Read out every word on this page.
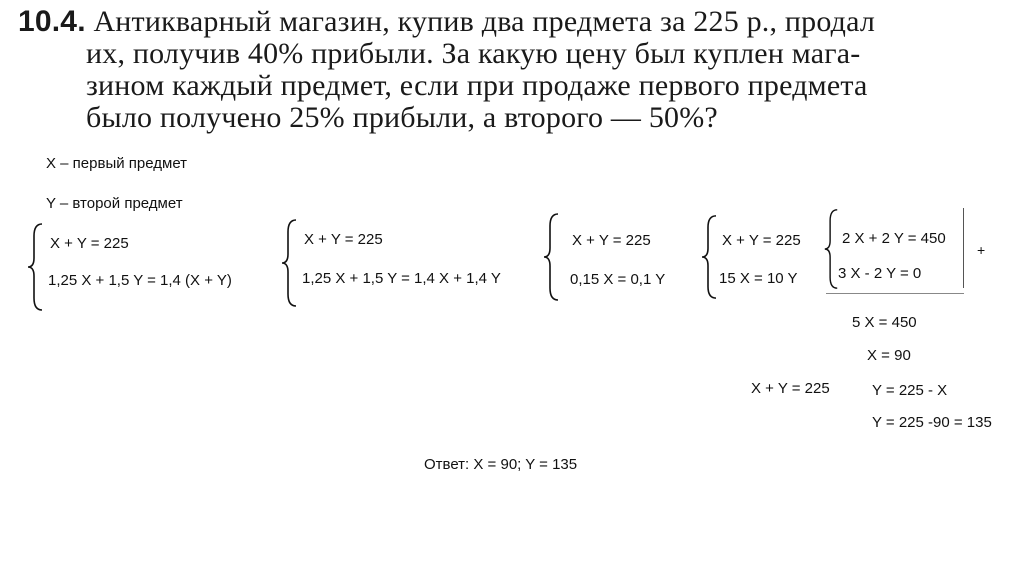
10.4. Антикварный магазин, купив два предмета за 225 р., продал
их, получив 40% прибыли. За какую цену был куплен мага-
зином каждый предмет, если при продаже первого предмета
было получено 25% прибыли, а второго — 50%?
X – первый предмет
Y – второй предмет
X + Y = 225
1,25 X + 1,5 Y = 1,4 (X + Y)
X + Y = 225
1,25 X + 1,5 Y = 1,4 X + 1,4 Y
X + Y = 225
0,15 X = 0,1 Y
X + Y = 225
15 X = 10 Y
2 X + 2 Y = 450
3 X - 2 Y = 0
+
5 X = 450
X = 90
X + Y = 225	Y = 225 - X
Y = 225 -90 = 135
Ответ: X = 90; Y = 135
